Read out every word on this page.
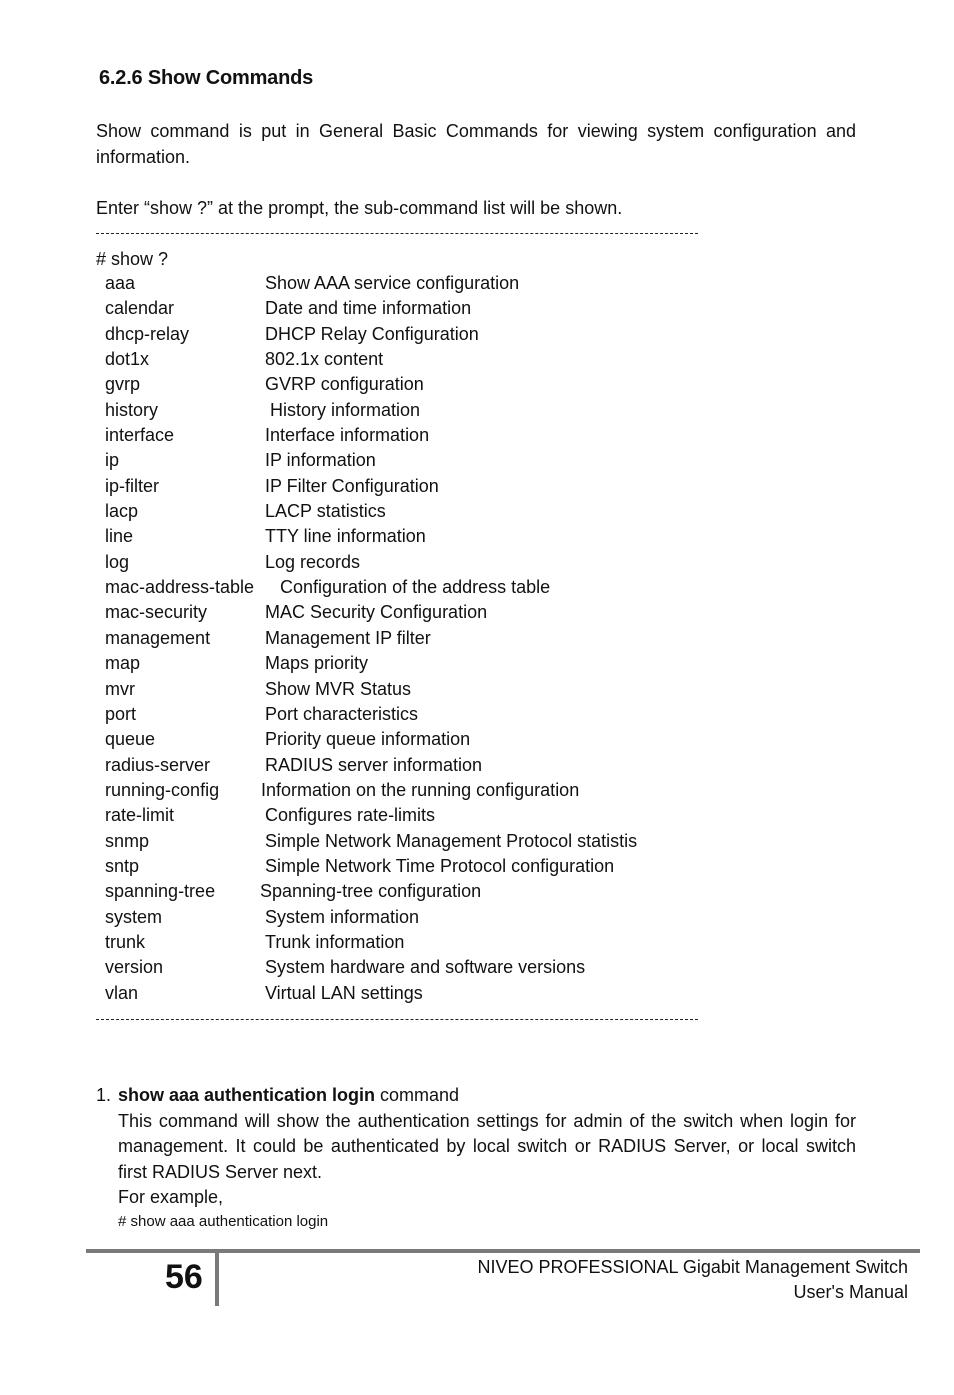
6.2.6 Show Commands
Show command is put in General Basic Commands for viewing system configuration and information.
Enter “show ?” at the prompt, the sub-command list will be shown.
# show ?
aaa	Show AAA service configuration
calendar	Date and time information
dhcp-relay	DHCP Relay Configuration
dot1x	802.1x content
gvrp	GVRP configuration
history	History information
interface	Interface information
ip	IP information
ip-filter	IP Filter Configuration
lacp	LACP statistics
line	TTY line information
log	Log records
mac-address-table Configuration of the address table
mac-security	MAC Security Configuration
management	Management IP filter
map	Maps priority
mvr	Show MVR Status
port	Port characteristics
queue	Priority queue information
radius-server	RADIUS server information
running-config Information on the running configuration
rate-limit	Configures rate-limits
snmp	Simple Network Management Protocol statistis
sntp	Simple Network Time Protocol configuration
spanning-tree Spanning-tree configuration
system	System information
trunk	Trunk information
version	System hardware and software versions
vlan	Virtual LAN settings
1. show aaa authentication login command
This command will show the authentication settings for admin of the switch when login for management. It could be authenticated by local switch or RADIUS Server, or local switch first RADIUS Server next.
For example,
# show aaa authentication login
56	NIVEO PROFESSIONAL Gigabit Management Switch
User's Manual
